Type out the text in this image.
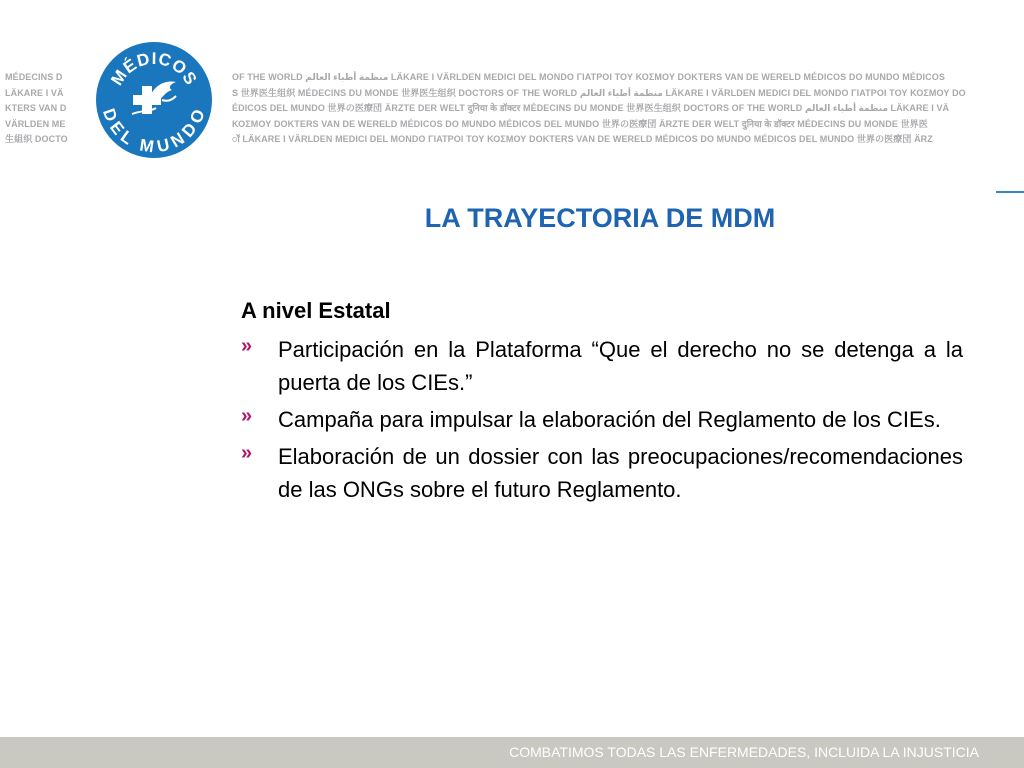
MÉDECINS D
LÄKARE I VÄ
KTERS VAN D
VÄRLDEN ME
生組织 DOCTO
OF THE WORLD منظمة أطباء العالم LÄKARE I VÄRLDEN MEDICI DEL MONDO ΓΙΑΤΡΟΙ ΤΟΥ ΚΟΣΜΟΥ DOKTERS VAN DE WERELD MÉDICOS DO MUNDO MÉDICOS
S 世界医生组织 MÉDECINS DU MONDE 世界医生组织 DOCTORS OF THE WORLD منظمة أطباء العالم LÄKARE I VÄRLDEN MEDICI DEL MONDO ΓΙΑΤΡΟΙ ΤΟΥ ΚΟΣΜΟΥ DO
ÉDICOS DEL MUNDO 世界の医療団 ÄRZTE DER WELT दुनिया के डॉक्टर MÉDECINS DU MONDE 世界医生组织 DOCTORS OF THE WORLD منظمة أطباء العالم LÄKARE I VÄ
ΚΟΣΜΟΥ DOKTERS VAN DE WERELD MÉDICOS DO MUNDO MÉDICOS DEL MUNDO 世界の医療団 ÄRZTE DER WELT दुनिया के डॉक्टर MÉDECINS DU MONDE 世界医
ॉ LÄKARE I VÄRLDEN MEDICI DEL MONDO ΓΙΑΤΡΟΙ ΤΟΥ ΚΟΣΜΟΥ DOKTERS VAN DE WERELD MÉDICOS DO MUNDO MÉDICOS DEL MUNDO 世界の医療団 ÄRZ
MÉDICOS
DEL MUNDO
LA TRAYECTORIA DE MDM

A nivel Estatal

» Participación en la Plataforma “Que el derecho no se detenga a la puerta de los CIEs.”
» Campaña para impulsar la elaboración del Reglamento de los CIEs.
» Elaboración de un dossier con las preocupaciones/recomendaciones de las ONGs sobre el futuro Reglamento.
COMBATIMOS TODAS LAS ENFERMEDADES, INCLUIDA LA INJUSTICIA
